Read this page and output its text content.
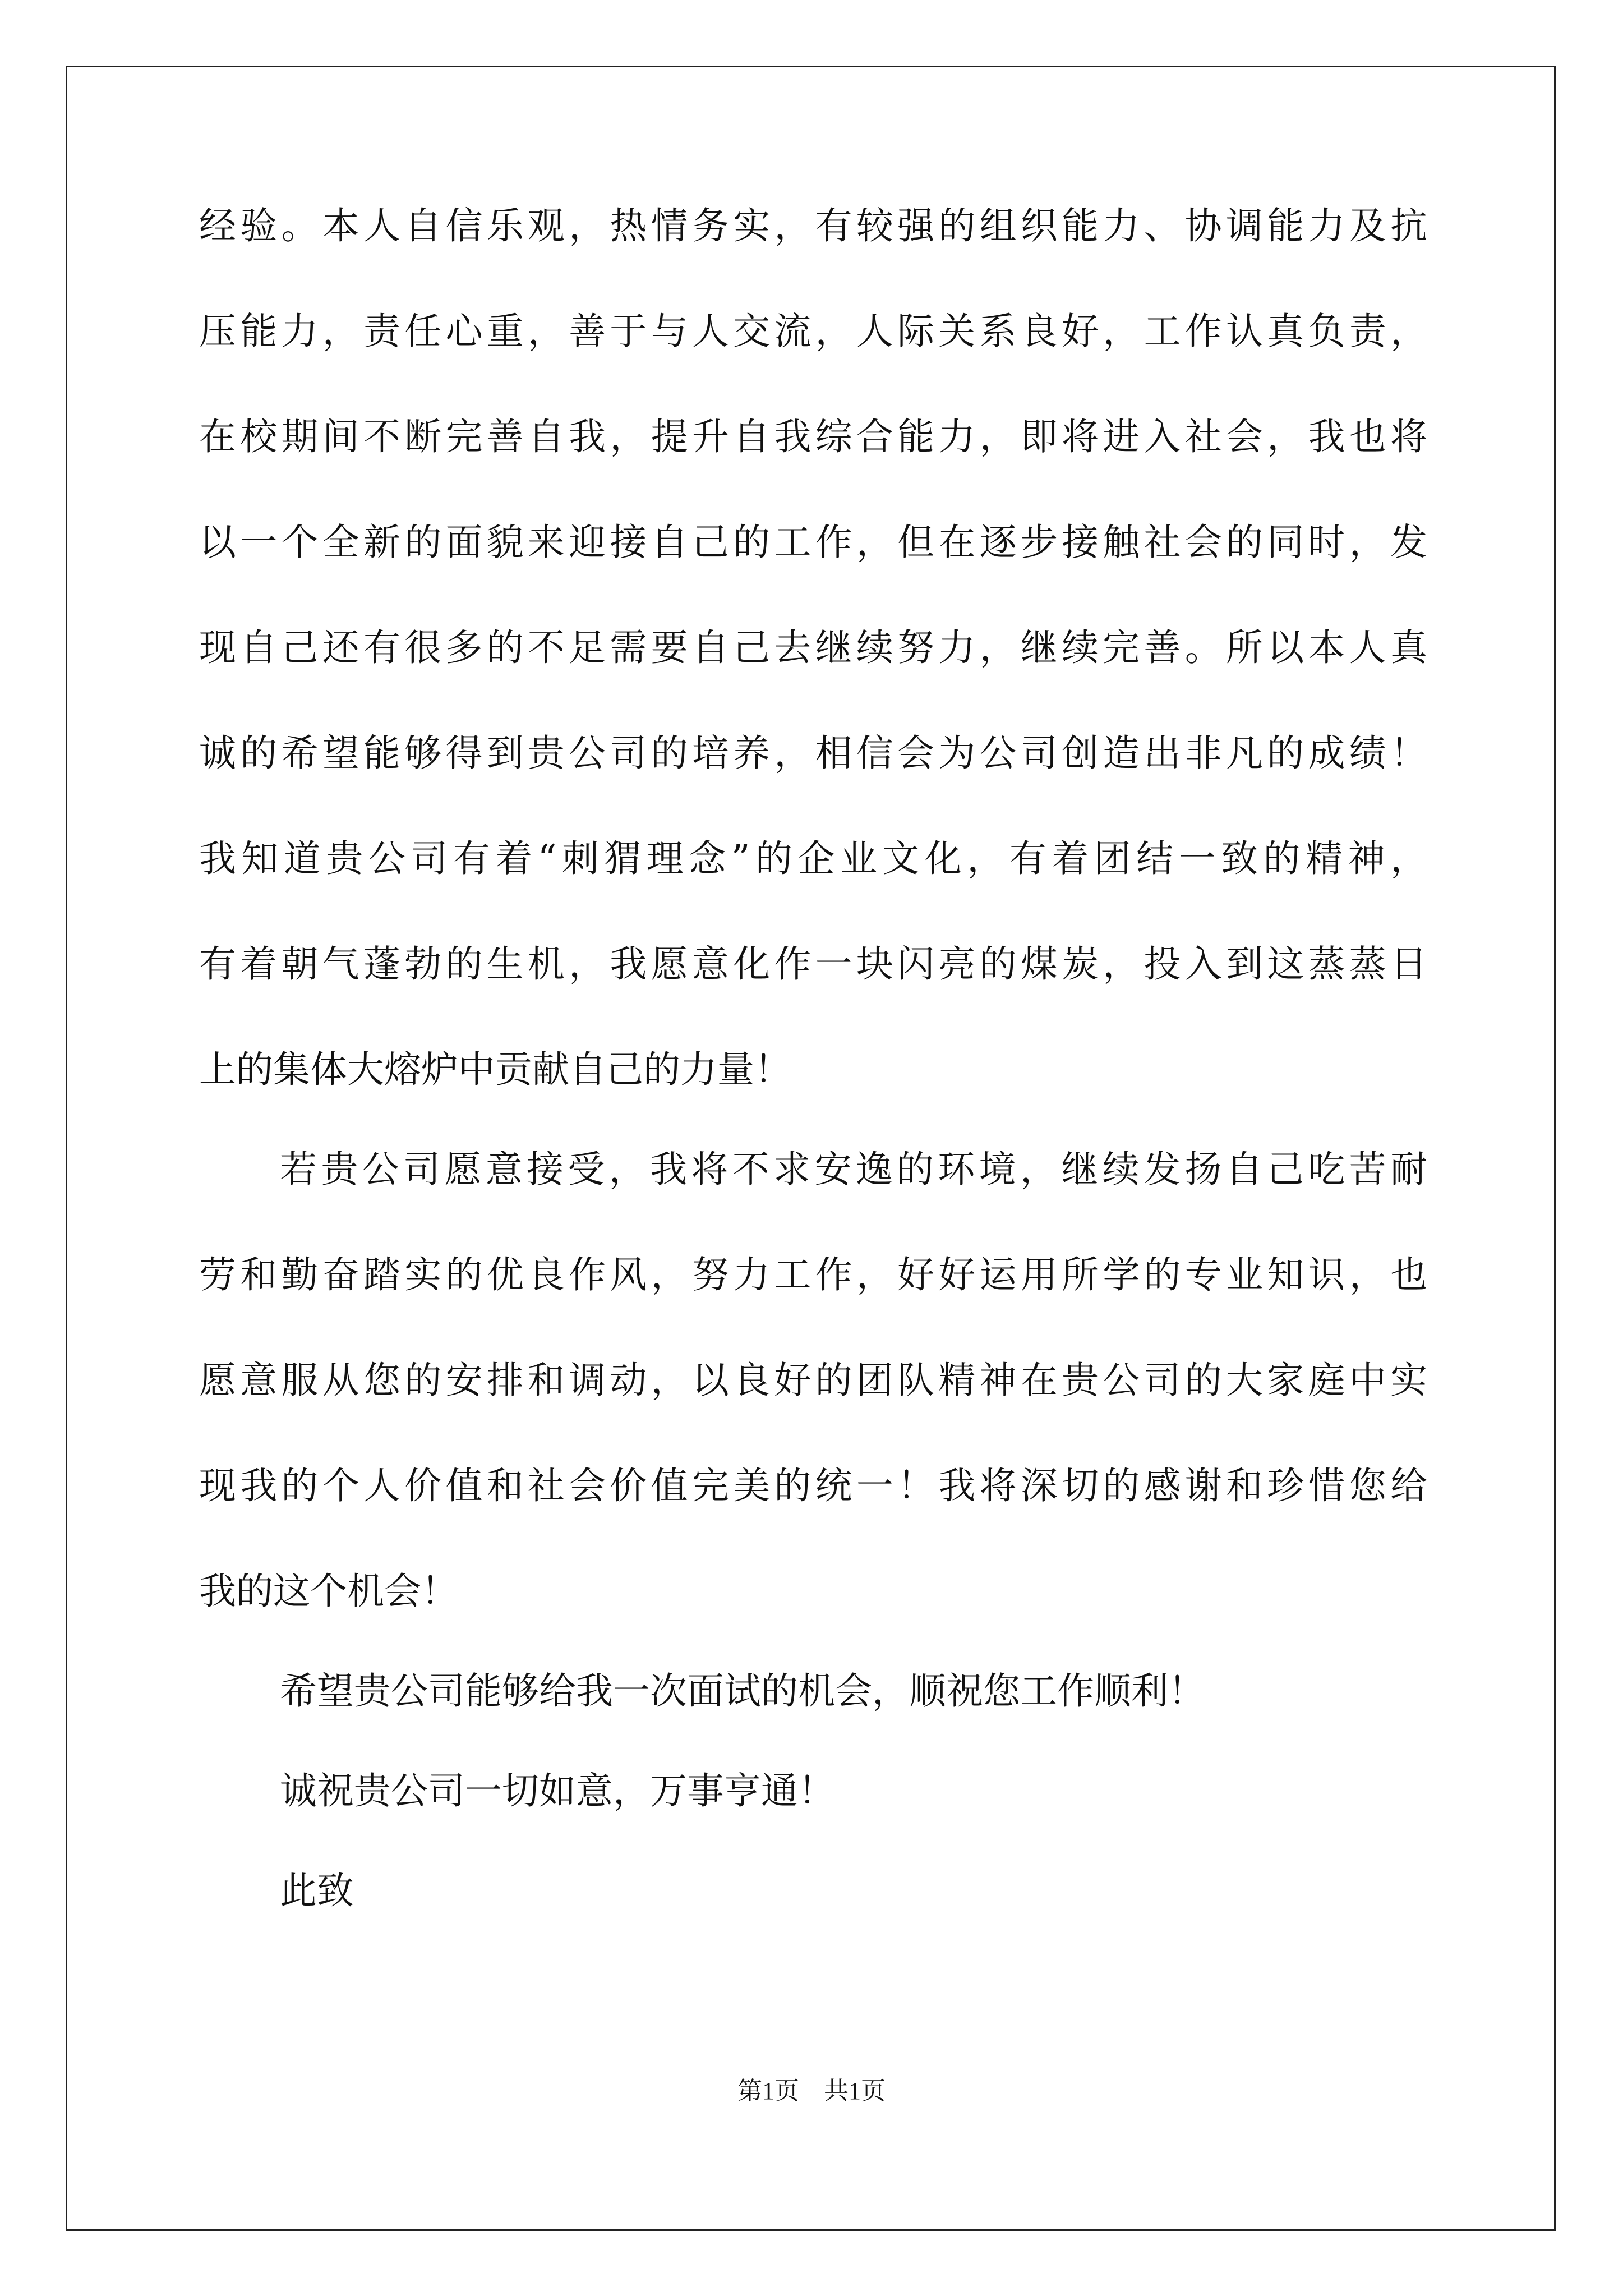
经验。本人自信乐观，热情务实，有较强的组织能力、协调能力及抗
压能力，责任心重，善于与人交流，人际关系良好，工作认真负责，
在校期间不断完善自我，提升自我综合能力，即将进入社会，我也将
以一个全新的面貌来迎接自己的工作，但在逐步接触社会的同时，发
现自己还有很多的不足需要自己去继续努力，继续完善。所以本人真
诚的希望能够得到贵公司的培养，相信会为公司创造出非凡的成绩！
我知道贵公司有着“刺猬理念”的企业文化，有着团结一致的精神，
有着朝气蓬勃的生机，我愿意化作一块闪亮的煤炭，投入到这蒸蒸日
上的集体大熔炉中贡献自己的力量！
若贵公司愿意接受，我将不求安逸的环境，继续发扬自己吃苦耐
劳和勤奋踏实的优良作风，努力工作，好好运用所学的专业知识，也
愿意服从您的安排和调动，以良好的团队精神在贵公司的大家庭中实
现我的个人价值和社会价值完美的统一！我将深切的感谢和珍惜您给
我的这个机会！
希望贵公司能够给我一次面试的机会，顺祝您工作顺利！
诚祝贵公司一切如意，万事亨通！
此致
第1页　共1页
